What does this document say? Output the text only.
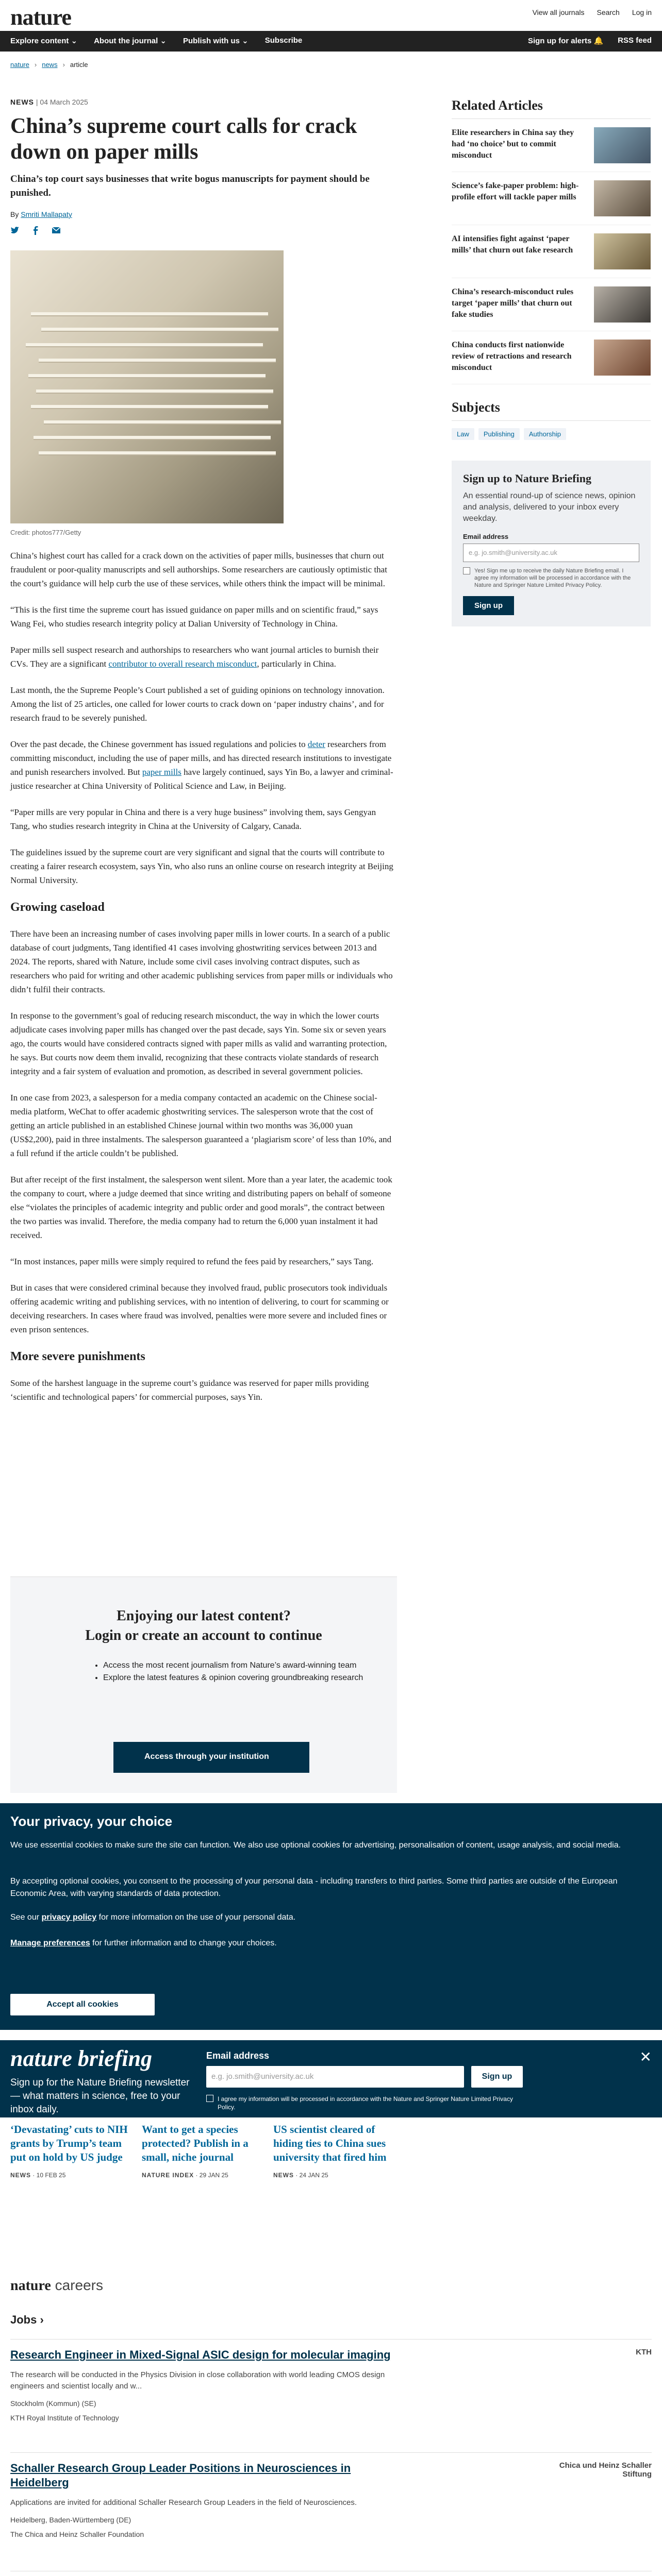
nature	View all journals Search Log in
Explore content ⌄ About the journal ⌄ Publish with us ⌄ Subscribe	Sign up for alerts 🔔 RSS feed
nature › news › article
NEWS | 04 March 2025
China’s supreme court calls for crack down on paper mills

China’s top court says businesses that write bogus manuscripts for payment should be punished.

By Smriti Mallapaty
Credit: photos777/Getty

China’s highest court has called for a crack down on the activities of paper mills, businesses that churn out fraudulent or poor-quality manuscripts and sell authorships. Some researchers are cautiously optimistic that the court’s guidance will help curb the use of these services, while others think the impact will be minimal.

“This is the first time the supreme court has issued guidance on paper mills and on scientific fraud,” says Wang Fei, who studies research integrity policy at Dalian University of Technology in China.

Paper mills sell suspect research and authorships to researchers who want journal articles to burnish their CVs. They are a significant contributor to overall research misconduct, particularly in China.

Last month, the the Supreme People’s Court published a set of guiding opinions on technology innovation. Among the list of 25 articles, one called for lower courts to crack down on ‘paper industry chains’, and for research fraud to be severely punished.

Over the past decade, the Chinese government has issued regulations and policies to deter researchers from committing misconduct, including the use of paper mills, and has directed research institutions to investigate and punish researchers involved. But paper mills have largely continued, says Yin Bo, a lawyer and criminal-justice researcher at China University of Political Science and Law, in Beijing.

“Paper mills are very popular in China and there is a very huge business” involving them, says Gengyan Tang, who studies research integrity in China at the University of Calgary, Canada.

The guidelines issued by the supreme court are very significant and signal that the courts will contribute to creating a fairer research ecosystem, says Yin, who also runs an online course on research integrity at Beijing Normal University.

Growing caseload

There have been an increasing number of cases involving paper mills in lower courts. In a search of a public database of court judgments, Tang identified 41 cases involving ghostwriting services between 2013 and 2024. The reports, shared with Nature, include some civil cases involving contract disputes, such as researchers who paid for writing and other academic publishing services from paper mills or individuals who didn’t fulfil their contracts.

In response to the government’s goal of reducing research misconduct, the way in which the lower courts adjudicate cases involving paper mills has changed over the past decade, says Yin. Some six or seven years ago, the courts would have considered contracts signed with paper mills as valid and warranting protection, he says. But courts now deem them invalid, recognizing that these contracts violate standards of research integrity and a fair system of evaluation and promotion, as described in several government policies.

In one case from 2023, a salesperson for a media company contacted an academic on the Chinese social-media platform, WeChat to offer academic ghostwriting services. The salesperson wrote that the cost of getting an article published in an established Chinese journal within two months was 36,000 yuan (US$2,200), paid in three instalments. The salesperson guaranteed a ‘plagiarism score’ of less than 10%, and a full refund if the article couldn’t be published.

But after receipt of the first instalment, the salesperson went silent. More than a year later, the academic took the company to court, where a judge deemed that since writing and distributing papers on behalf of someone else “violates the principles of academic integrity and public order and good morals”, the contract between the two parties was invalid. Therefore, the media company had to return the 6,000 yuan instalment it had received.

“In most instances, paper mills were simply required to refund the fees paid by researchers,” says Tang.

But in cases that were considered criminal because they involved fraud, public prosecutors took individuals offering academic writing and publishing services, with no intention of delivering, to court for scamming or deceiving researchers. In cases where fraud was involved, penalties were more severe and included fines or even prison sentences.

More severe punishments

Some of the harshest language in the supreme court’s guidance was reserved for paper mills providing ‘scientific and technological papers’ for commercial purposes, says Yin.

Enjoying our latest content?
Login or create an account to continue
• Access the most recent journalism from Nature’s award-winning team
• Explore the latest features & opinion covering groundbreaking research
Access through your institution
Related Articles
Elite researchers in China say they had ‘no choice’ but to commit misconduct
Science’s fake-paper problem: high-profile effort will tackle paper mills
AI intensifies fight against ‘paper mills’ that churn out fake research
China’s research-misconduct rules target ‘paper mills’ that churn out fake studies
China conducts first nationwide review of retractions and research misconduct
Subjects
Law	Publishing	Authorship
Sign up to Nature Briefing
An essential round-up of science news, opinion and analysis, delivered to your inbox every weekday.
Email address
e.g. jo.smith@university.ac.uk
Yes! Sign me up to receive the daily Nature Briefing email. I agree my information will be processed in accordance with the Nature and Springer Nature Limited Privacy Policy.
Sign up
Your privacy, your choice
We use essential cookies to make sure the site can function. We also use optional cookies for advertising, personalisation of content, usage analysis, and social media.
By accepting optional cookies, you consent to the processing of your personal data - including transfers to third parties. Some third parties are outside of the European Economic Area, with varying standards of data protection.
See our privacy policy for more information on the use of your personal data.
Manage preferences for further information and to change your choices.
Accept all cookies
nature briefing
Sign up for the Nature Briefing newsletter — what matters in science, free to your inbox daily.
Email address
e.g. jo.smith@university.ac.uk	Sign up
I agree my information will be processed in accordance with the Nature and Springer Nature Limited Privacy Policy.
✕
‘Devastating’ cuts to NIH grants by Trump’s team put on hold by US judge
NEWS · 10 FEB 25
Want to get a species protected? Publish in a small, niche journal
NATURE INDEX · 29 JAN 25
US scientist cleared of hiding ties to China sues university that fired him
NEWS · 24 JAN 25
nature careers
Jobs ›
Research Engineer in Mixed-Signal ASIC design for molecular imaging
The research will be conducted in the Physics Division in close collaboration with world leading CMOS design engineers and scientist locally and w...
Stockholm (Kommun) (SE)
KTH Royal Institute of Technology
KTH
Schaller Research Group Leader Positions in Neurosciences in Heidelberg
Applications are invited for additional Schaller Research Group Leaders in the field of Neurosciences.
Heidelberg, Baden-Württemberg (DE)
The Chica and Heinz Schaller Foundation
Chica und Heinz Schaller Stiftung
